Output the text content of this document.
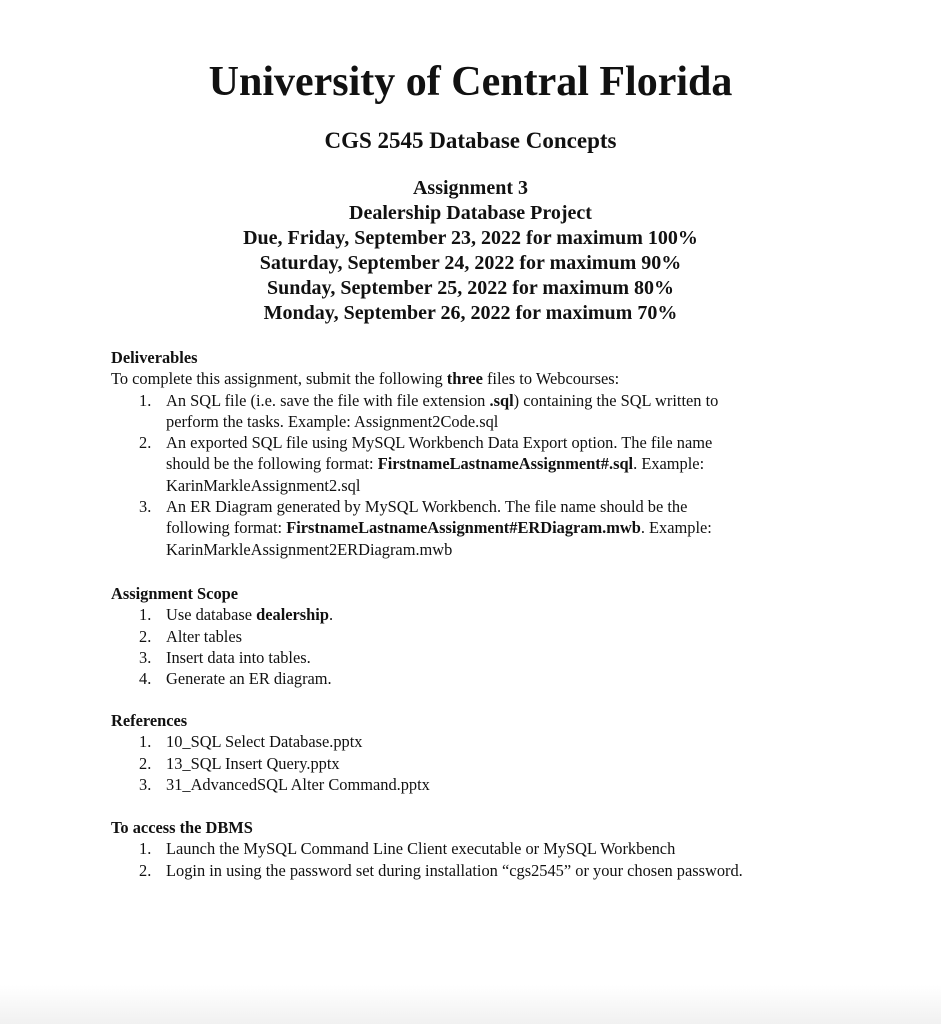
University of Central Florida
CGS 2545 Database Concepts
Assignment 3
Dealership Database Project
Due, Friday, September 23, 2022 for maximum 100%
Saturday, September 24, 2022 for maximum 90%
Sunday, September 25, 2022 for maximum 80%
Monday, September 26, 2022 for maximum 70%
Deliverables
To complete this assignment, submit the following three files to Webcourses:
1. An SQL file (i.e. save the file with file extension .sql) containing the SQL written to
perform the tasks. Example: Assignment2Code.sql
2. An exported SQL file using MySQL Workbench Data Export option. The file name
should be the following format: FirstnameLastnameAssignment#.sql. Example:
KarinMarkleAssignment2.sql
3. An ER Diagram generated by MySQL Workbench. The file name should be the
following format: FirstnameLastnameAssignment#ERDiagram.mwb. Example:
KarinMarkleAssignment2ERDiagram.mwb
Assignment Scope
1. Use database dealership.
2. Alter tables
3. Insert data into tables.
4. Generate an ER diagram.
References
1. 10_SQL Select Database.pptx
2. 13_SQL Insert Query.pptx
3. 31_AdvancedSQL Alter Command.pptx
To access the DBMS
1. Launch the MySQL Command Line Client executable or MySQL Workbench
2. Login in using the password set during installation “cgs2545” or your chosen password.
